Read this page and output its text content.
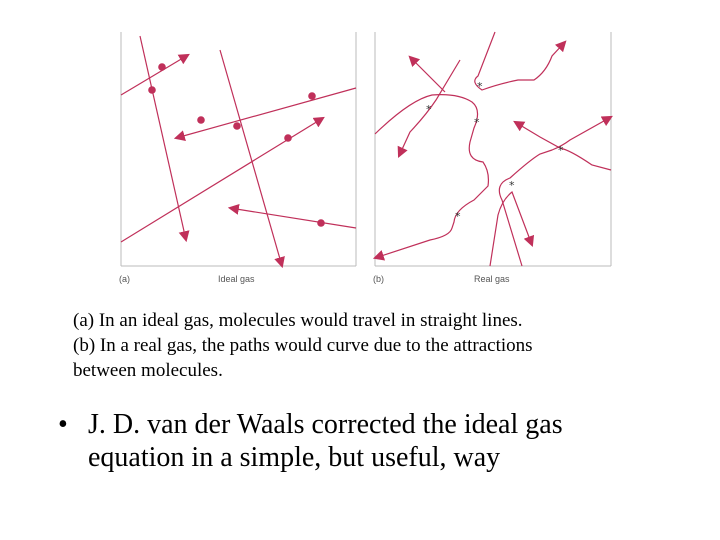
(a)	Ideal gas
*
*
*
*
*
*
(b)	Real gas
(a) In an ideal gas, molecules would travel in straight lines.
(b) In a real gas, the paths would curve due to the attractions
between molecules.
• J. D. van der Waals corrected the ideal gas
equation in a simple, but useful, way
